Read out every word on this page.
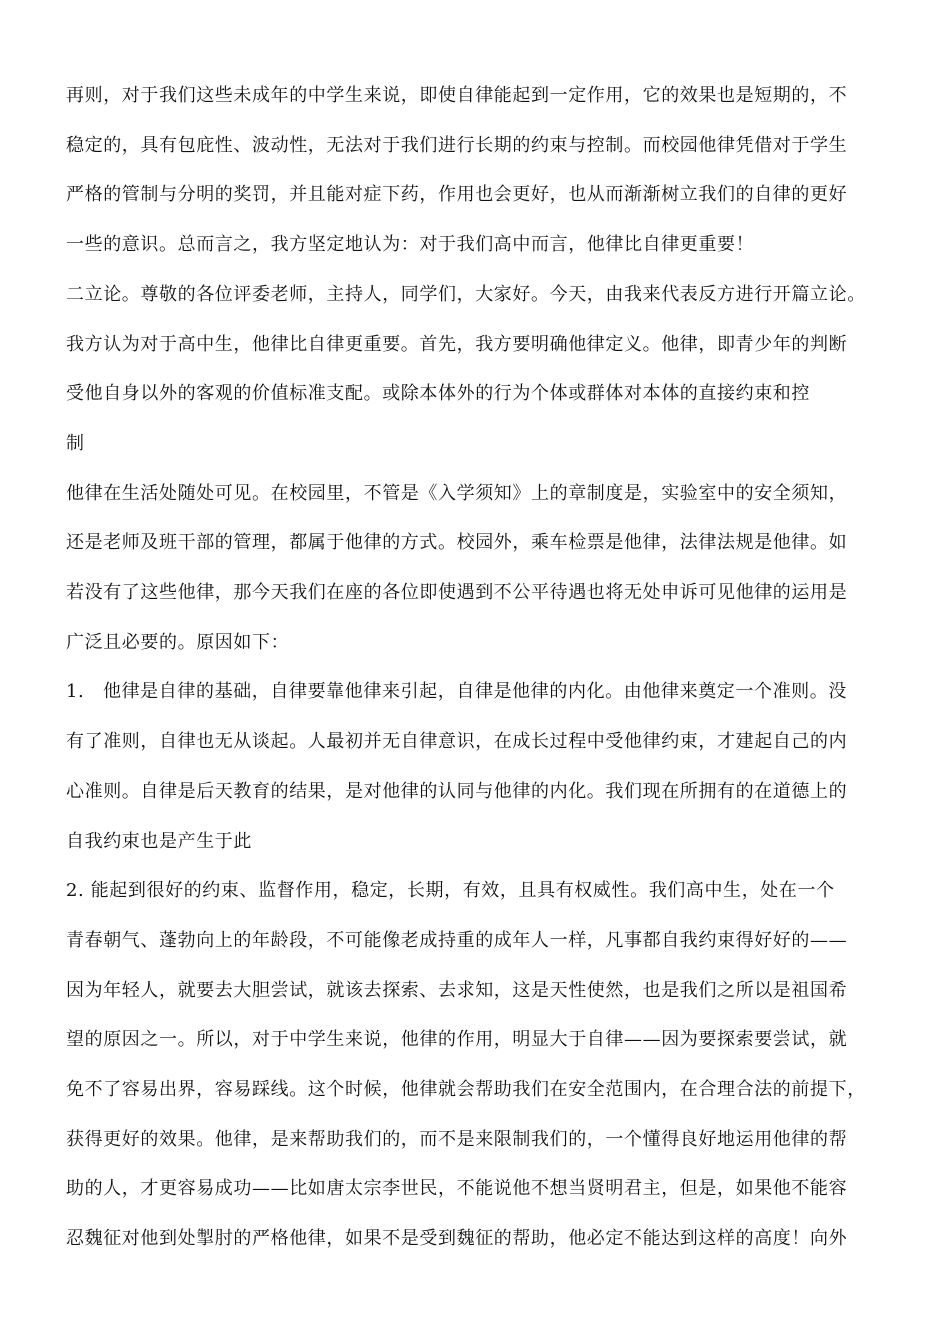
再则，对于我们这些未成年的中学生来说，即使自律能起到一定作用，它的效果也是短期的，不
稳定的，具有包庇性、波动性，无法对于我们进行长期的约束与控制。而校园他律凭借对于学生
严格的管制与分明的奖罚，并且能对症下药，作用也会更好，也从而渐渐树立我们的自律的更好
一些的意识。总而言之，我方坚定地认为：对于我们高中而言，他律比自律更重要！
二立论。尊敬的各位评委老师，主持人，同学们，大家好。今天，由我来代表反方进行开篇立论。
我方认为对于高中生，他律比自律更重要。首先，我方要明确他律定义。他律，即青少年的判断
受他自身以外的客观的价值标准支配。或除本体外的行为个体或群体对本体的直接约束和控
制
他律在生活处随处可见。在校园里，不管是《入学须知》上的章制度是，实验室中的安全须知，
还是老师及班干部的管理，都属于他律的方式。校园外，乘车检票是他律，法律法规是他律。如
若没有了这些他律，那今天我们在座的各位即使遇到不公平待遇也将无处申诉可见他律的运用是
广泛且必要的。原因如下：
1.　他律是自律的基础，自律要靠他律来引起，自律是他律的内化。由他律来奠定一个准则。没
有了准则，自律也无从谈起。人最初并无自律意识，在成长过程中受他律约束，才建起自己的内
心准则。自律是后天教育的结果，是对他律的认同与他律的内化。我们现在所拥有的在道德上的
自我约束也是产生于此
2. 能起到很好的约束、监督作用，稳定，长期，有效，且具有权威性。我们高中生，处在一个
青春朝气、蓬勃向上的年龄段，不可能像老成持重的成年人一样，凡事都自我约束得好好的——
因为年轻人，就要去大胆尝试，就该去探索、去求知，这是天性使然，也是我们之所以是祖国希
望的原因之一。所以，对于中学生来说，他律的作用，明显大于自律——因为要探索要尝试，就
免不了容易出界，容易踩线。这个时候，他律就会帮助我们在安全范围内，在合理合法的前提下，
获得更好的效果。他律，是来帮助我们的，而不是来限制我们的，一个懂得良好地运用他律的帮
助的人，才更容易成功——比如唐太宗李世民，不能说他不想当贤明君主，但是，如果他不能容
忍魏征对他到处掣肘的严格他律，如果不是受到魏征的帮助，他必定不能达到这样的高度！向外
